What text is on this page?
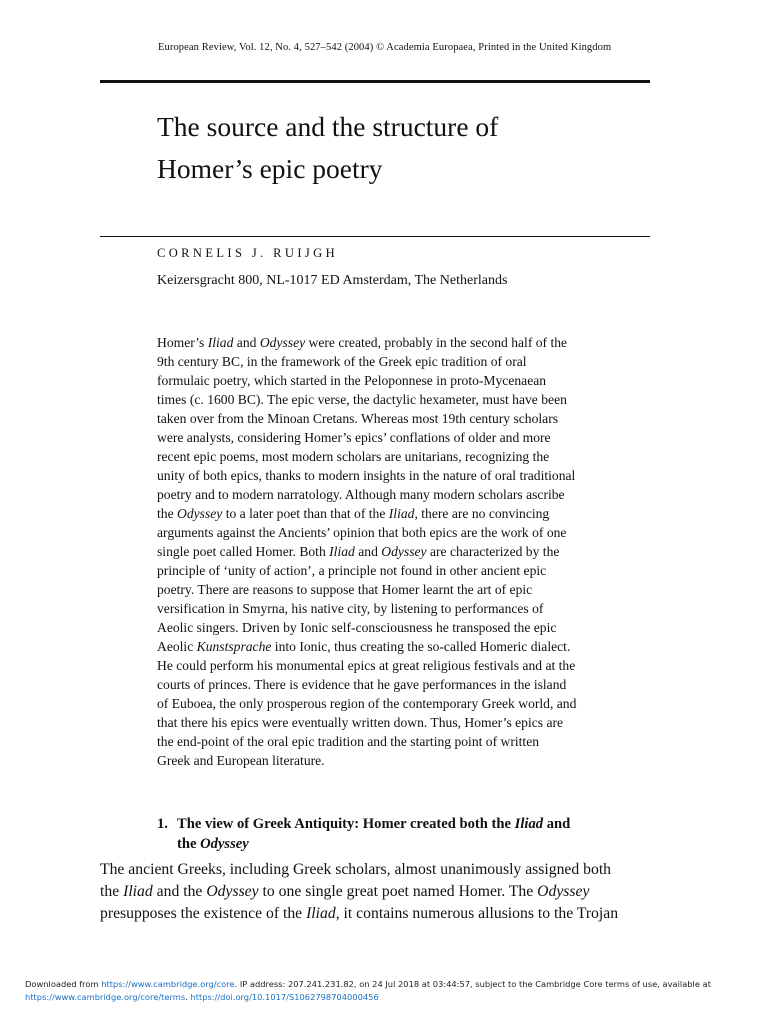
European Review, Vol. 12, No. 4, 527–542 (2004) © Academia Europaea, Printed in the United Kingdom
The source and the structure of
Homer’s epic poetry
CORNELIS J. RUIJGH
Keizersgracht 800, NL-1017 ED Amsterdam, The Netherlands
Homer’s Iliad and Odyssey were created, probably in the second half of the
9th century BC, in the framework of the Greek epic tradition of oral
formulaic poetry, which started in the Peloponnese in proto-Mycenaean
times (c. 1600 BC). The epic verse, the dactylic hexameter, must have been
taken over from the Minoan Cretans. Whereas most 19th century scholars
were analysts, considering Homer’s epics’ conflations of older and more
recent epic poems, most modern scholars are unitarians, recognizing the
unity of both epics, thanks to modern insights in the nature of oral traditional
poetry and to modern narratology. Although many modern scholars ascribe
the Odyssey to a later poet than that of the Iliad, there are no convincing
arguments against the Ancients’ opinion that both epics are the work of one
single poet called Homer. Both Iliad and Odyssey are characterized by the
principle of ‘unity of action’, a principle not found in other ancient epic
poetry. There are reasons to suppose that Homer learnt the art of epic
versification in Smyrna, his native city, by listening to performances of
Aeolic singers. Driven by Ionic self-consciousness he transposed the epic
Aeolic Kunstsprache into Ionic, thus creating the so-called Homeric dialect.
He could perform his monumental epics at great religious festivals and at the
courts of princes. There is evidence that he gave performances in the island
of Euboea, the only prosperous region of the contemporary Greek world, and
that there his epics were eventually written down. Thus, Homer’s epics are
the end-point of the oral epic tradition and the starting point of written
Greek and European literature.
1. The view of Greek Antiquity: Homer created both the Iliad and
the Odyssey
The ancient Greeks, including Greek scholars, almost unanimously assigned both
the Iliad and the Odyssey to one single great poet named Homer. The Odyssey
presupposes the existence of the Iliad, it contains numerous allusions to the Trojan
Downloaded from https://www.cambridge.org/core. IP address: 207.241.231.82, on 24 Jul 2018 at 03:44:57, subject to the Cambridge Core terms of use, available at
https://www.cambridge.org/core/terms. https://doi.org/10.1017/S1062798704000456
